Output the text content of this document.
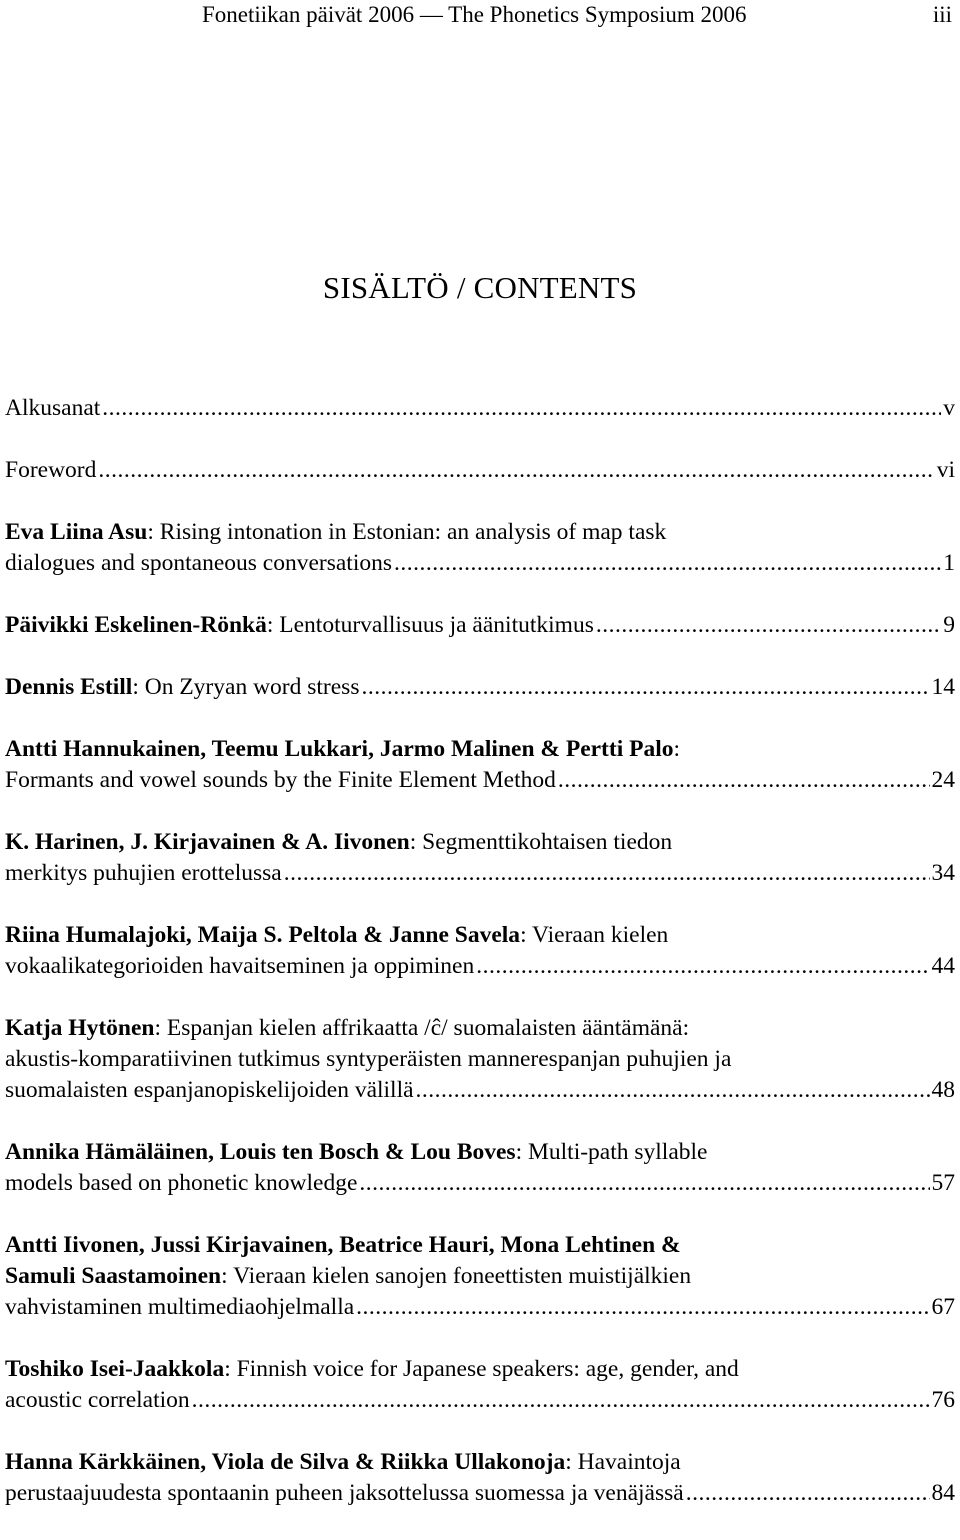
Fonetiikan päivät 2006 — The Phonetics Symposium 2006	iii
SISÄLTÖ / CONTENTS
Alkusanat .....	v
Foreword .....	vi
Eva Liina Asu: Rising intonation in Estonian: an analysis of map task
dialogues and spontaneous conversations .....	1
Päivikki Eskelinen-Rönkä: Lentoturvallisuus ja äänitutkimus .....	9
Dennis Estill: On Zyryan word stress .....	14
Antti Hannukainen, Teemu Lukkari, Jarmo Malinen & Pertti Palo:
Formants and vowel sounds by the Finite Element Method .....	24
K. Harinen, J. Kirjavainen & A. Iivonen: Segmenttikohtaisen tiedon
merkitys puhujien erottelussa .....	34
Riina Humalajoki, Maija S. Peltola & Janne Savela: Vieraan kielen
vokaalikategorioiden havaitseminen ja oppiminen .....	44
Katja Hytönen: Espanjan kielen affrikaatta /ĉ/ suomalaisten ääntämänä:
akustis-komparatiivinen tutkimus syntyperäisten mannerespanjan puhujien ja
suomalaisten espanjanopiskelijoiden välillä .....	48
Annika Hämäläinen, Louis ten Bosch & Lou Boves: Multi-path syllable
models based on phonetic knowledge .....	57
Antti Iivonen, Jussi Kirjavainen, Beatrice Hauri, Mona Lehtinen &
Samuli Saastamoinen: Vieraan kielen sanojen foneettisten muistijälkien
vahvistaminen multimediaohjelmalla .....	67
Toshiko Isei-Jaakkola: Finnish voice for Japanese speakers: age, gender, and
acoustic correlation .....	76
Hanna Kärkkäinen, Viola de Silva & Riikka Ullakonoja: Havaintoja
perustaajuudesta spontaanin puheen jaksottelussa suomessa ja venäjässä .....	84
